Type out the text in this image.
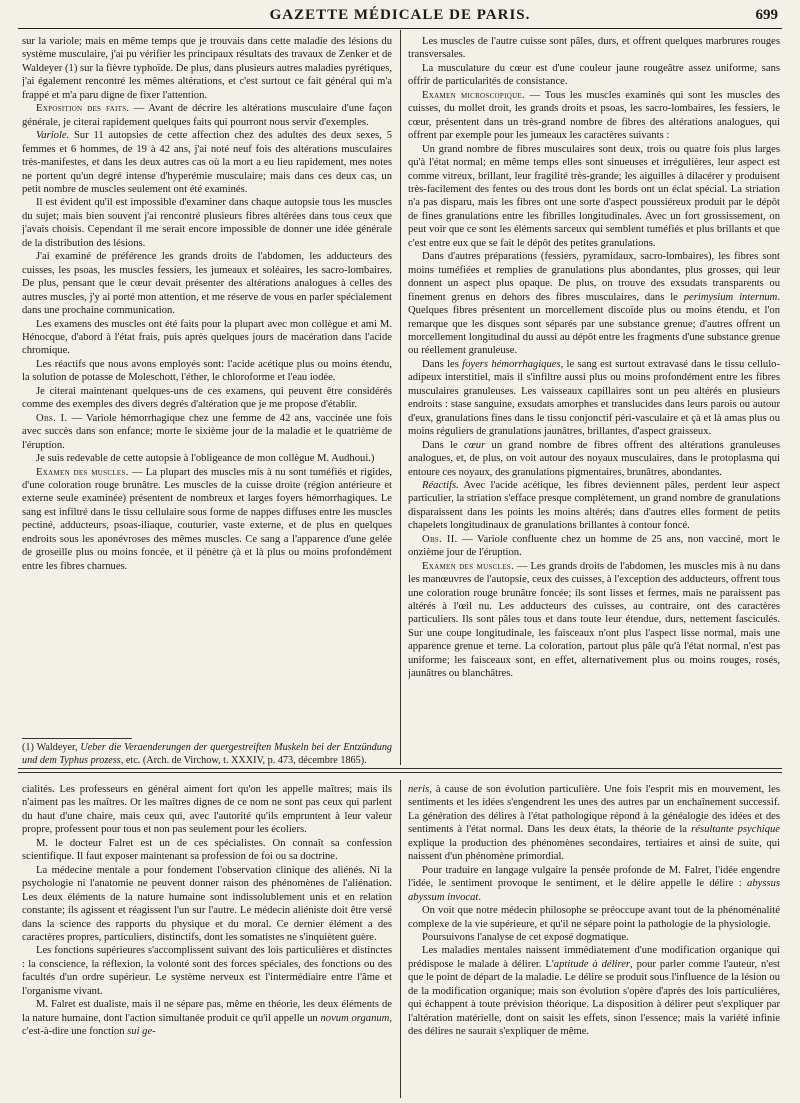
GAZETTE MÉDICALE DE PARIS.	699

sur la variole; mais en même temps que je trouvais dans cette maladie des lésions du système musculaire, j'ai pu vérifier les principaux résultats des travaux de Zenker et de Waldeyer (1) sur la fièvre typhoïde. De plus, dans plusieurs autres maladies pyrétiques, j'ai également rencontré les mêmes altérations, et c'est surtout ce fait général qui m'a frappé et m'a paru digne de fixer l'attention.

Exposition des faits. — Avant de décrire les altérations musculaire d'une façon générale, je citerai rapidement quelques faits qui pourront nous servir d'exemples.

Variole. Sur 11 autopsies de cette affection chez des adultes des deux sexes, 5 femmes et 6 hommes, de 19 à 42 ans, j'ai noté neuf fois des altérations musculaires très-manifestes, et dans les deux autres cas où la mort a eu lieu rapidement, mes notes ne portent qu'un degré intense d'hyperémie musculaire; mais dans ces deux cas, un petit nombre de muscles seulement ont été examinés.

Il est évident qu'il est impossible d'examiner dans chaque autopsie tous les muscles du sujet; mais bien souvent j'ai rencontré plusieurs fibres altérées dans tous ceux que j'avais choisis. Cependant il me serait encore impossible de donner une idée générale de la distribution des lésions.

J'ai examiné de préférence les grands droits de l'abdomen, les adducteurs des cuisses, les psoas, les muscles fessiers, les jumeaux et soléaires, les sacro-lombaires. De plus, pensant que le cœur devait présenter des altérations analogues à celles des autres muscles, j'y ai porté mon attention, et me réserve de vous en parler spécialement dans une prochaine communication.

Les examens des muscles ont été faits pour la plupart avec mon collègue et ami M. Hénocque, d'abord à l'état frais, puis après quelques jours de macération dans l'acide chromique.

Les réactifs que nous avons employés sont: l'acide acétique plus ou moins étendu, la solution de potasse de Moleschott, l'éther, le chloroforme et l'eau iodée.

Je citerai maintenant quelques-uns de ces examens, qui peuvent être considérés comme des exemples des divers degrés d'altération que je me propose d'établir.

Obs. I. — Variole hémorrhagique chez une femme de 42 ans, vaccinée une fois avec succès dans son enfance; morte le sixième jour de la maladie et le quatrième de l'éruption.

Je suis redevable de cette autopsie à l'obligeance de mon collègue M. Audhoui.)

Examen des muscles. — La plupart des muscles mis à nu sont tuméfiés et rigides, d'une coloration rouge brunâtre. Les muscles de la cuisse droite (région antérieure et externe seule examinée) présentent de nombreux et larges foyers hémorrhagiques. Le sang est infiltré dans le tissu cellulaire sous forme de nappes diffuses entre les muscles pectiné, adducteurs, psoas-iliaque, couturier, vaste externe, et de plus en quelques endroits sous les aponévroses des mêmes muscles. Ce sang a l'apparence d'une gelée de groseille plus ou moins foncée, et il pénètre çà et là plus ou moins profondément entre les fibres charnues.

(1) Waldeyer, Ueber die Veraenderungen der quergestreiften Muskeln bei der Entzündung und dem Typhus prozess, etc. (Arch. de Virchow, t. XXXIV, p. 473, décembre 1865).

Les muscles de l'autre cuisse sont pâles, durs, et offrent quelques marbrures rouges transversales.

La musculature du cœur est d'une couleur jaune rougeâtre assez uniforme, sans offrir de particularités de consistance.

Examen microscopique. — Tous les muscles examinés qui sont les muscles des cuisses, du mollet droit, les grands droits et psoas, les sacro-lombaires, les fessiers, le cœur, présentent dans un très-grand nombre de fibres des altérations analogues, qui offrent par exemple pour les jumeaux les caractères suivants :

Un grand nombre de fibres musculaires sont deux, trois ou quatre fois plus larges qu'à l'état normal; en même temps elles sont sinueuses et irrégulières, leur aspect est comme vitreux, brillant, leur fragilité très-grande; les aiguilles à dilacérer y produisent très-facilement des fentes ou des trous dont les bords ont un éclat spécial. La striation n'a pas disparu, mais les fibres ont une sorte d'aspect poussiéreux produit par le dépôt de fines granulations entre les fibrilles longitudinales. Avec un fort grossissement, on peut voir que ce sont les éléments sarceux qui semblent tuméfiés et plus brillants et que c'est entre eux que se fait le dépôt des petites granulations.

Dans d'autres préparations (fessiers, pyramidaux, sacro-lombaires), les fibres sont moins tuméfiées et remplies de granulations plus abondantes, plus grosses, qui leur donnent un aspect plus opaque. De plus, on trouve des exsudats transparents ou finement grenus en dehors des fibres musculaires, dans le perimysium internum. Quelques fibres présentent un morcellement discoïde plus ou moins étendu, et l'on remarque que les disques sont séparés par une substance grenue; d'autres offrent un morcellement longitudinal du aussi au dépôt entre les fragments d'une substance grenue ou réellement granuleuse.

Dans les foyers hémorrhagiques, le sang est surtout extravasé dans le tissu cellulo-adipeux interstitiel, mais il s'infiltre aussi plus ou moins profondément entre les fibres musculaires granuleuses. Les vaisseaux capillaires sont un peu altérés en plusieurs endroits : stase sanguine, exsudats amorphes et translucides dans leurs parois ou autour d'eux, granulations fines dans le tissu conjonctif péri-vasculaire et çà et là amas plus ou moins réguliers de granulations jaunâtres, brillantes, d'aspect graisseux.

Dans le cœur un grand nombre de fibres offrent des altérations granuleuses analogues, et, de plus, on voit autour des noyaux musculaires, dans le protoplasma qui entoure ces noyaux, des granulations pigmentaires, brunâtres, abondantes.

Réactifs. Avec l'acide acétique, les fibres deviennent pâles, perdent leur aspect particulier, la striation s'efface presque complètement, un grand nombre de granulations disparaissent dans les points les moins altérés; dans d'autres elles forment de petits chapelets longitudinaux de granulations brillantes à contour foncé.

Obs. II. — Variole confluente chez un homme de 25 ans, non vacciné, mort le onzième jour de l'éruption.

Examen des muscles. — Les grands droits de l'abdomen, les muscles mis à nu dans les manœuvres de l'autopsie, ceux des cuisses, à l'exception des adducteurs, offrent tous une coloration rouge brunâtre foncée; ils sont lisses et fermes, mais ne paraissent pas altérés à l'œil nu. Les adducteurs des cuisses, au contraire, ont des caractères particuliers. Ils sont pâles tous et dans toute leur étendue, durs, nettement fasciculés. Sur une coupe longitudinale, les faisceaux n'ont plus l'aspect lisse normal, mais une apparence grenue et terne. La coloration, partout plus pâle qu'à l'état normal, n'est pas uniforme; les faisceaux sont, en effet, alternativement plus ou moins rouges, rosés, jaunâtres ou blanchâtres.

cialités. Les professeurs en général aiment fort qu'on les appelle maîtres; mais ils n'aiment pas les maîtres. Or les maîtres dignes de ce nom ne sont pas ceux qui parlent du haut d'une chaire, mais ceux qui, avec l'autorité qu'ils empruntent à leur valeur propre, professent pour tous et non pas seulement pour les écoliers.

M. le docteur Falret est un de ces spécialistes. On connaît sa confession scientifique. Il faut exposer maintenant sa profession de foi ou sa doctrine.

La médecine mentale a pour fondement l'observation clinique des aliénés. Ni la psychologie ni l'anatomie ne peuvent donner raison des phénomènes de l'aliénation. Les deux éléments de la nature humaine sont indissolublement unis et en relation constante; ils agissent et réagissent l'un sur l'autre. Le médecin aliéniste doit être versé dans la science des rapports du physique et du moral. Ce dernier élément a des caractères propres, particuliers, distinctifs, dont les somatistes ne s'inquiètent guère.

Les fonctions supérieures s'accomplissent suivant des lois particulières et distinctes : la conscience, la réflexion, la volonté sont des forces spéciales, des fonctions ou des facultés d'un ordre supérieur. Le système nerveux est l'intermédiaire entre l'âme et l'organisme vivant.

M. Falret est dualiste, mais il ne sépare pas, même en théorie, les deux éléments de la nature humaine, dont l'action simultanée produit ce qu'il appelle un novum organum, c'est-à-dire une fonction sui ge-

neris, à cause de son évolution particulière. Une fois l'esprit mis en mouvement, les sentiments et les idées s'engendrent les unes des autres par un enchaînement successif. La génération des délires à l'état pathologique répond à la généalogie des idées et des sentiments à l'état normal. Dans les deux états, la théorie de la résultante psychique explique la production des phénomènes secondaires, tertiaires et ainsi de suite, qui naissent d'un phénomène primordial.

Pour traduire en langage vulgaire la pensée profonde de M. Falret, l'idée engendre l'idée, le sentiment provoque le sentiment, et le délire appelle le délire : abyssus abyssum invocat.

On voit que notre médecin philosophe se préoccupe avant tout de la phénoménalité complexe de la vie supérieure, et qu'il ne sépare point la pathologie de la physiologie.

Poursuivons l'analyse de cet exposé dogmatique.

Les maladies mentales naissent immédiatement d'une modification organique qui prédispose le malade à délirer. L'aptitude à délirer, pour parler comme l'auteur, n'est que le point de départ de la maladie. Le délire se produit sous l'influence de la lésion ou de la modification organique; mais son évolution s'opère d'après des lois particulières, qui échappent à toute prévision théorique. La disposition à délirer peut s'expliquer par l'altération matérielle, dont on saisit les effets, sinon l'essence; mais la variété infinie des délires ne saurait s'expliquer de même.
